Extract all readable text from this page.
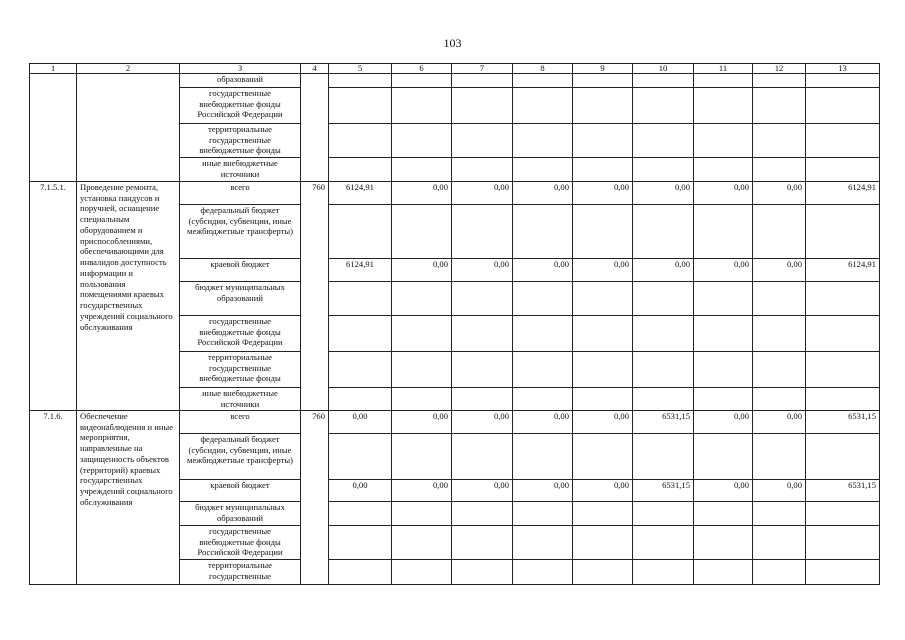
103
1	2	3	4	5	6	7	8	9	10	11	12	13
		образований										
		государственные внебюджетные фонды Российской Федерации										
		территориальные государственные внебюджетные фонды										
		иные внебюджетные источники										
7.1.5.1.	Проведение ремонта, установка пандусов и поручней, оснащение специальным оборудованием и приспособлениями, обеспечивающими для инвалидов доступность информации и пользования помещениями краевых государственных учреждений социального обслуживания	всего	760	6124,91	0,00	0,00	0,00	0,00	0,00	0,00	0,00	6124,91
		федеральный бюджет (субсидии, субвенции, иные межбюджетные трансферты)										
		краевой бюджет		6124,91	0,00	0,00	0,00	0,00	0,00	0,00	0,00	6124,91
		бюджет муниципальных образований										
		государственные внебюджетные фонды Российской Федерации										
		территориальные государственные внебюджетные фонды										
		иные внебюджетные источники										
7.1.6.	Обеспечение видеонаблюдения и иные мероприятия, направленные на защищенность объектов (территорий) краевых государственных учреждений социального обслуживания	всего	760	0,00	0,00	0,00	0,00	0,00	6531,15	0,00	0,00	6531,15
		федеральный бюджет (субсидии, субвенции, иные межбюджетные трансферты)										
		краевой бюджет		0,00	0,00	0,00	0,00	0,00	6531,15	0,00	0,00	6531,15
		бюджет муниципальных образований										
		государственные внебюджетные фонды Российской Федерации										
		территориальные государственные										
